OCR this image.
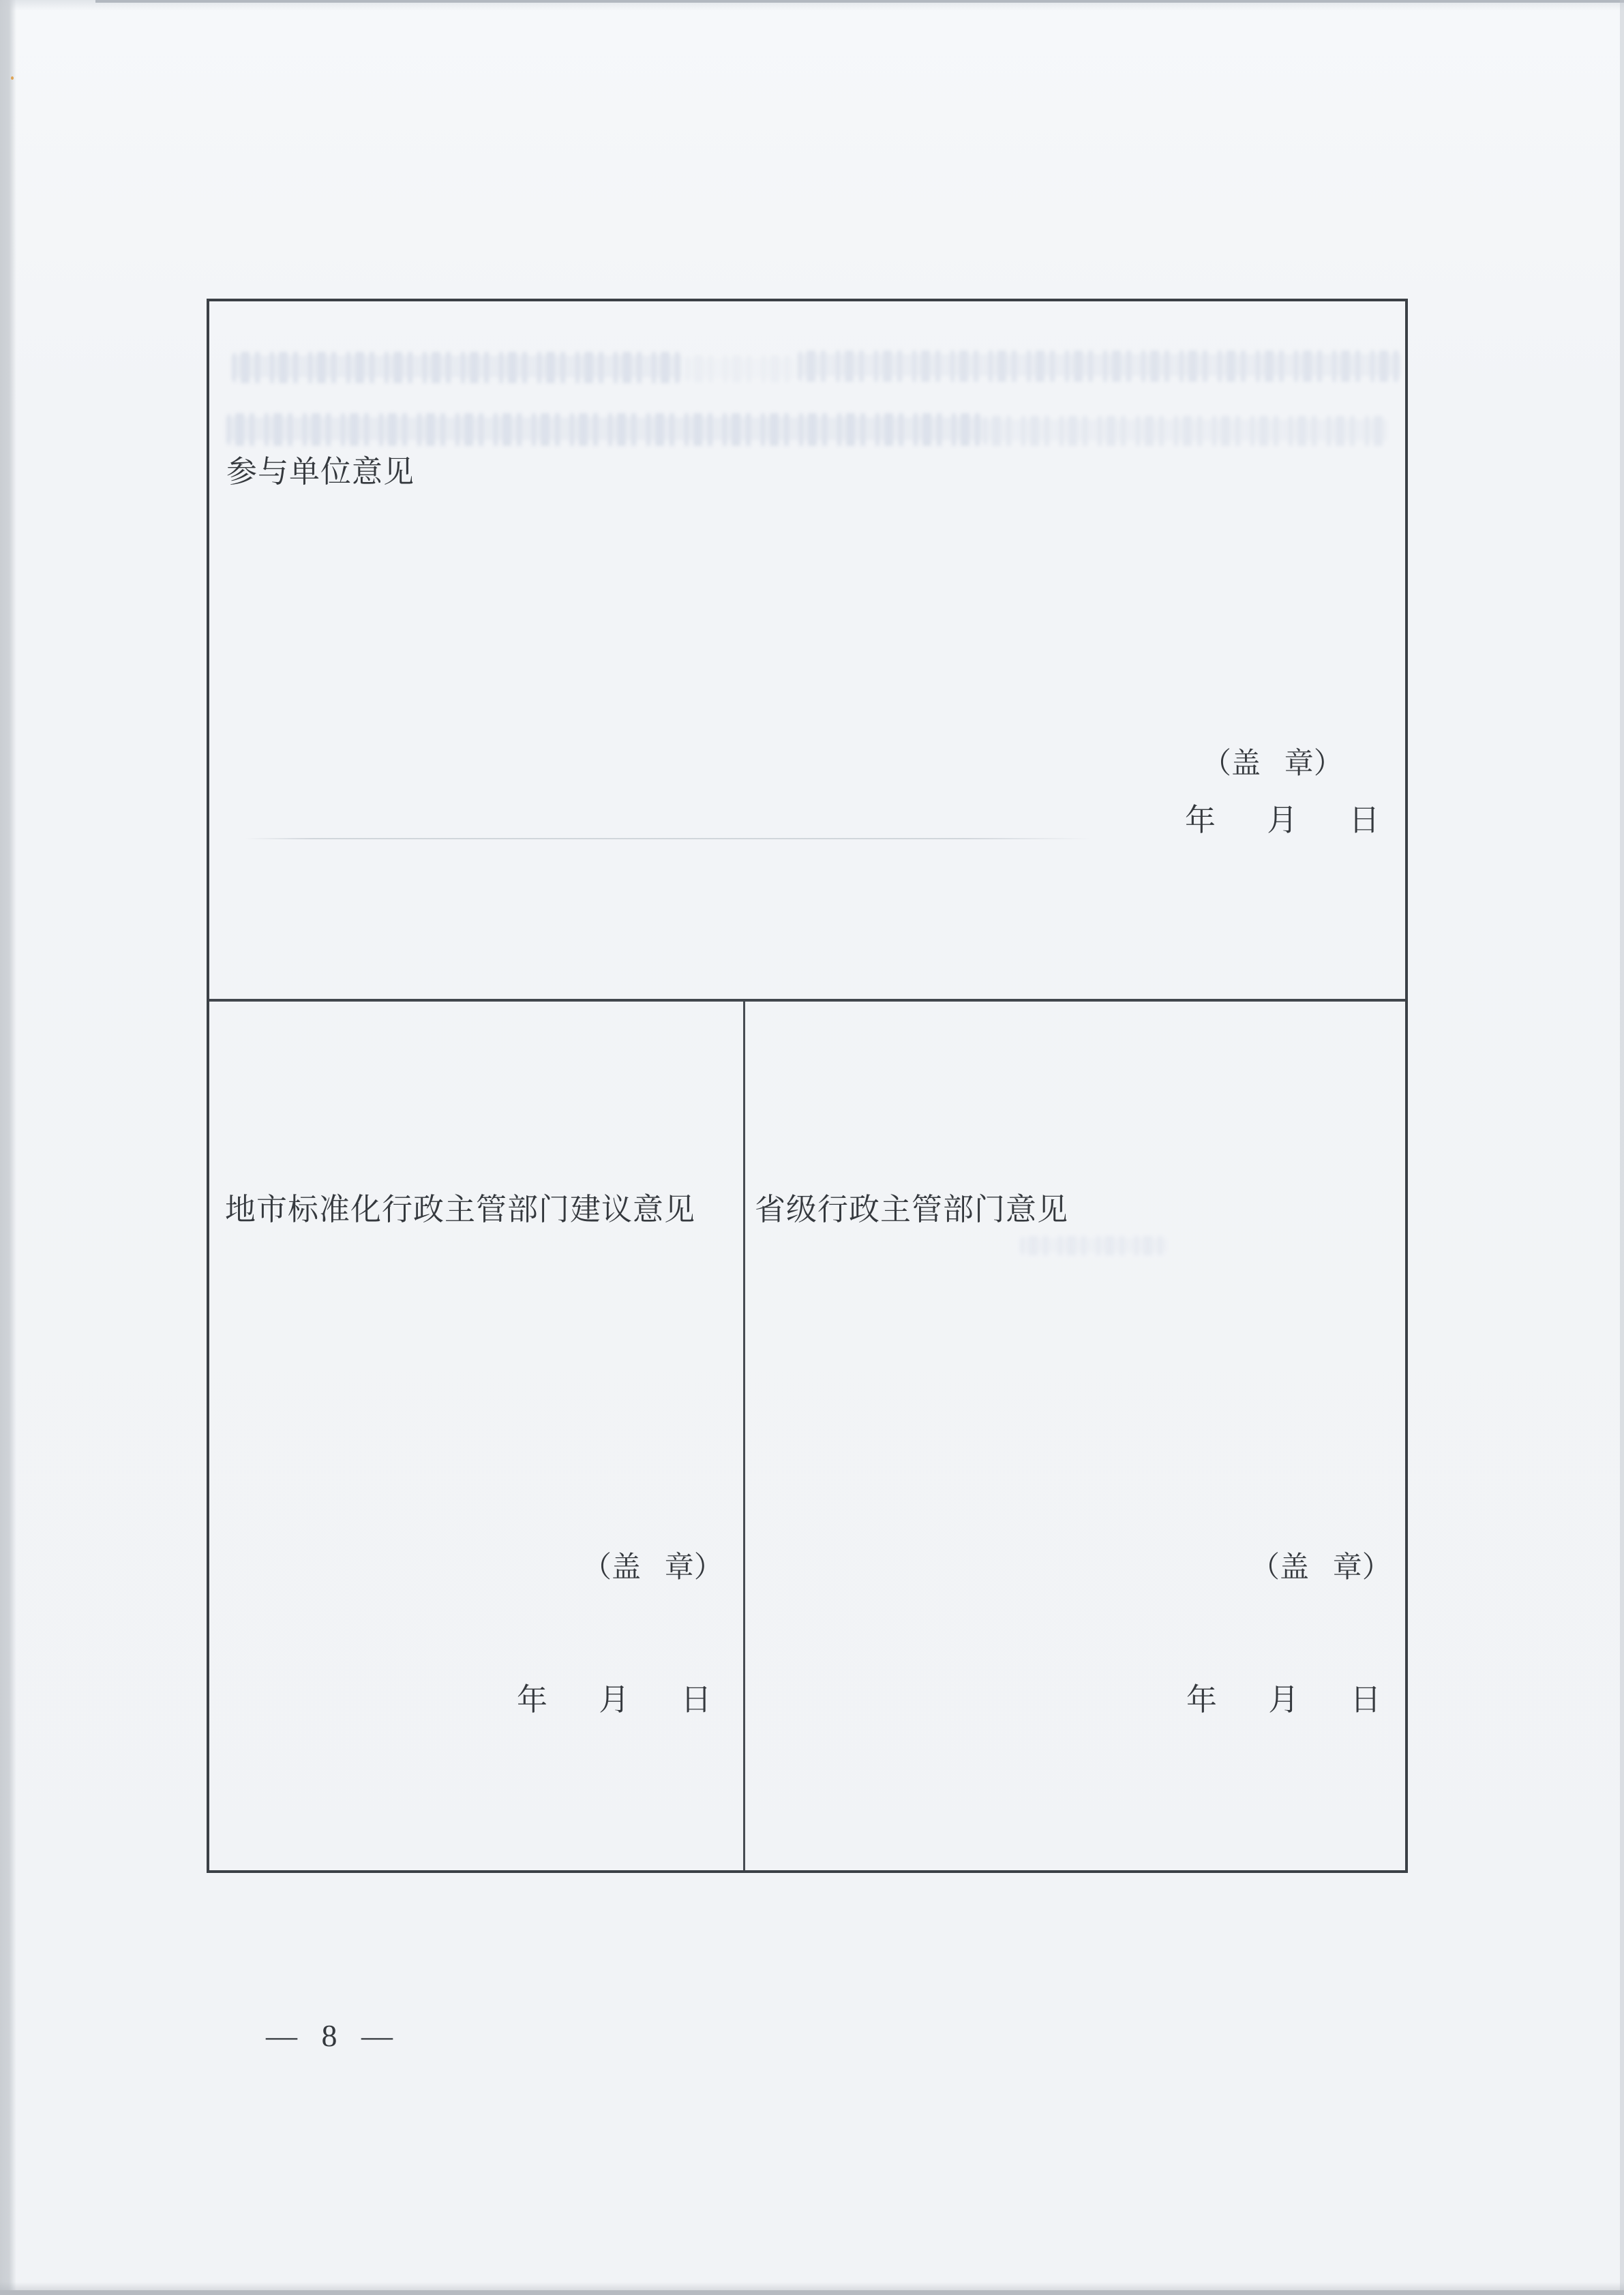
参与单位意见
（盖 章）
年 月 日
地市标准化行政主管部门建议意见
（盖 章）
年 月 日
省级行政主管部门意见
（盖 章）
年 月 日
— 8 —
